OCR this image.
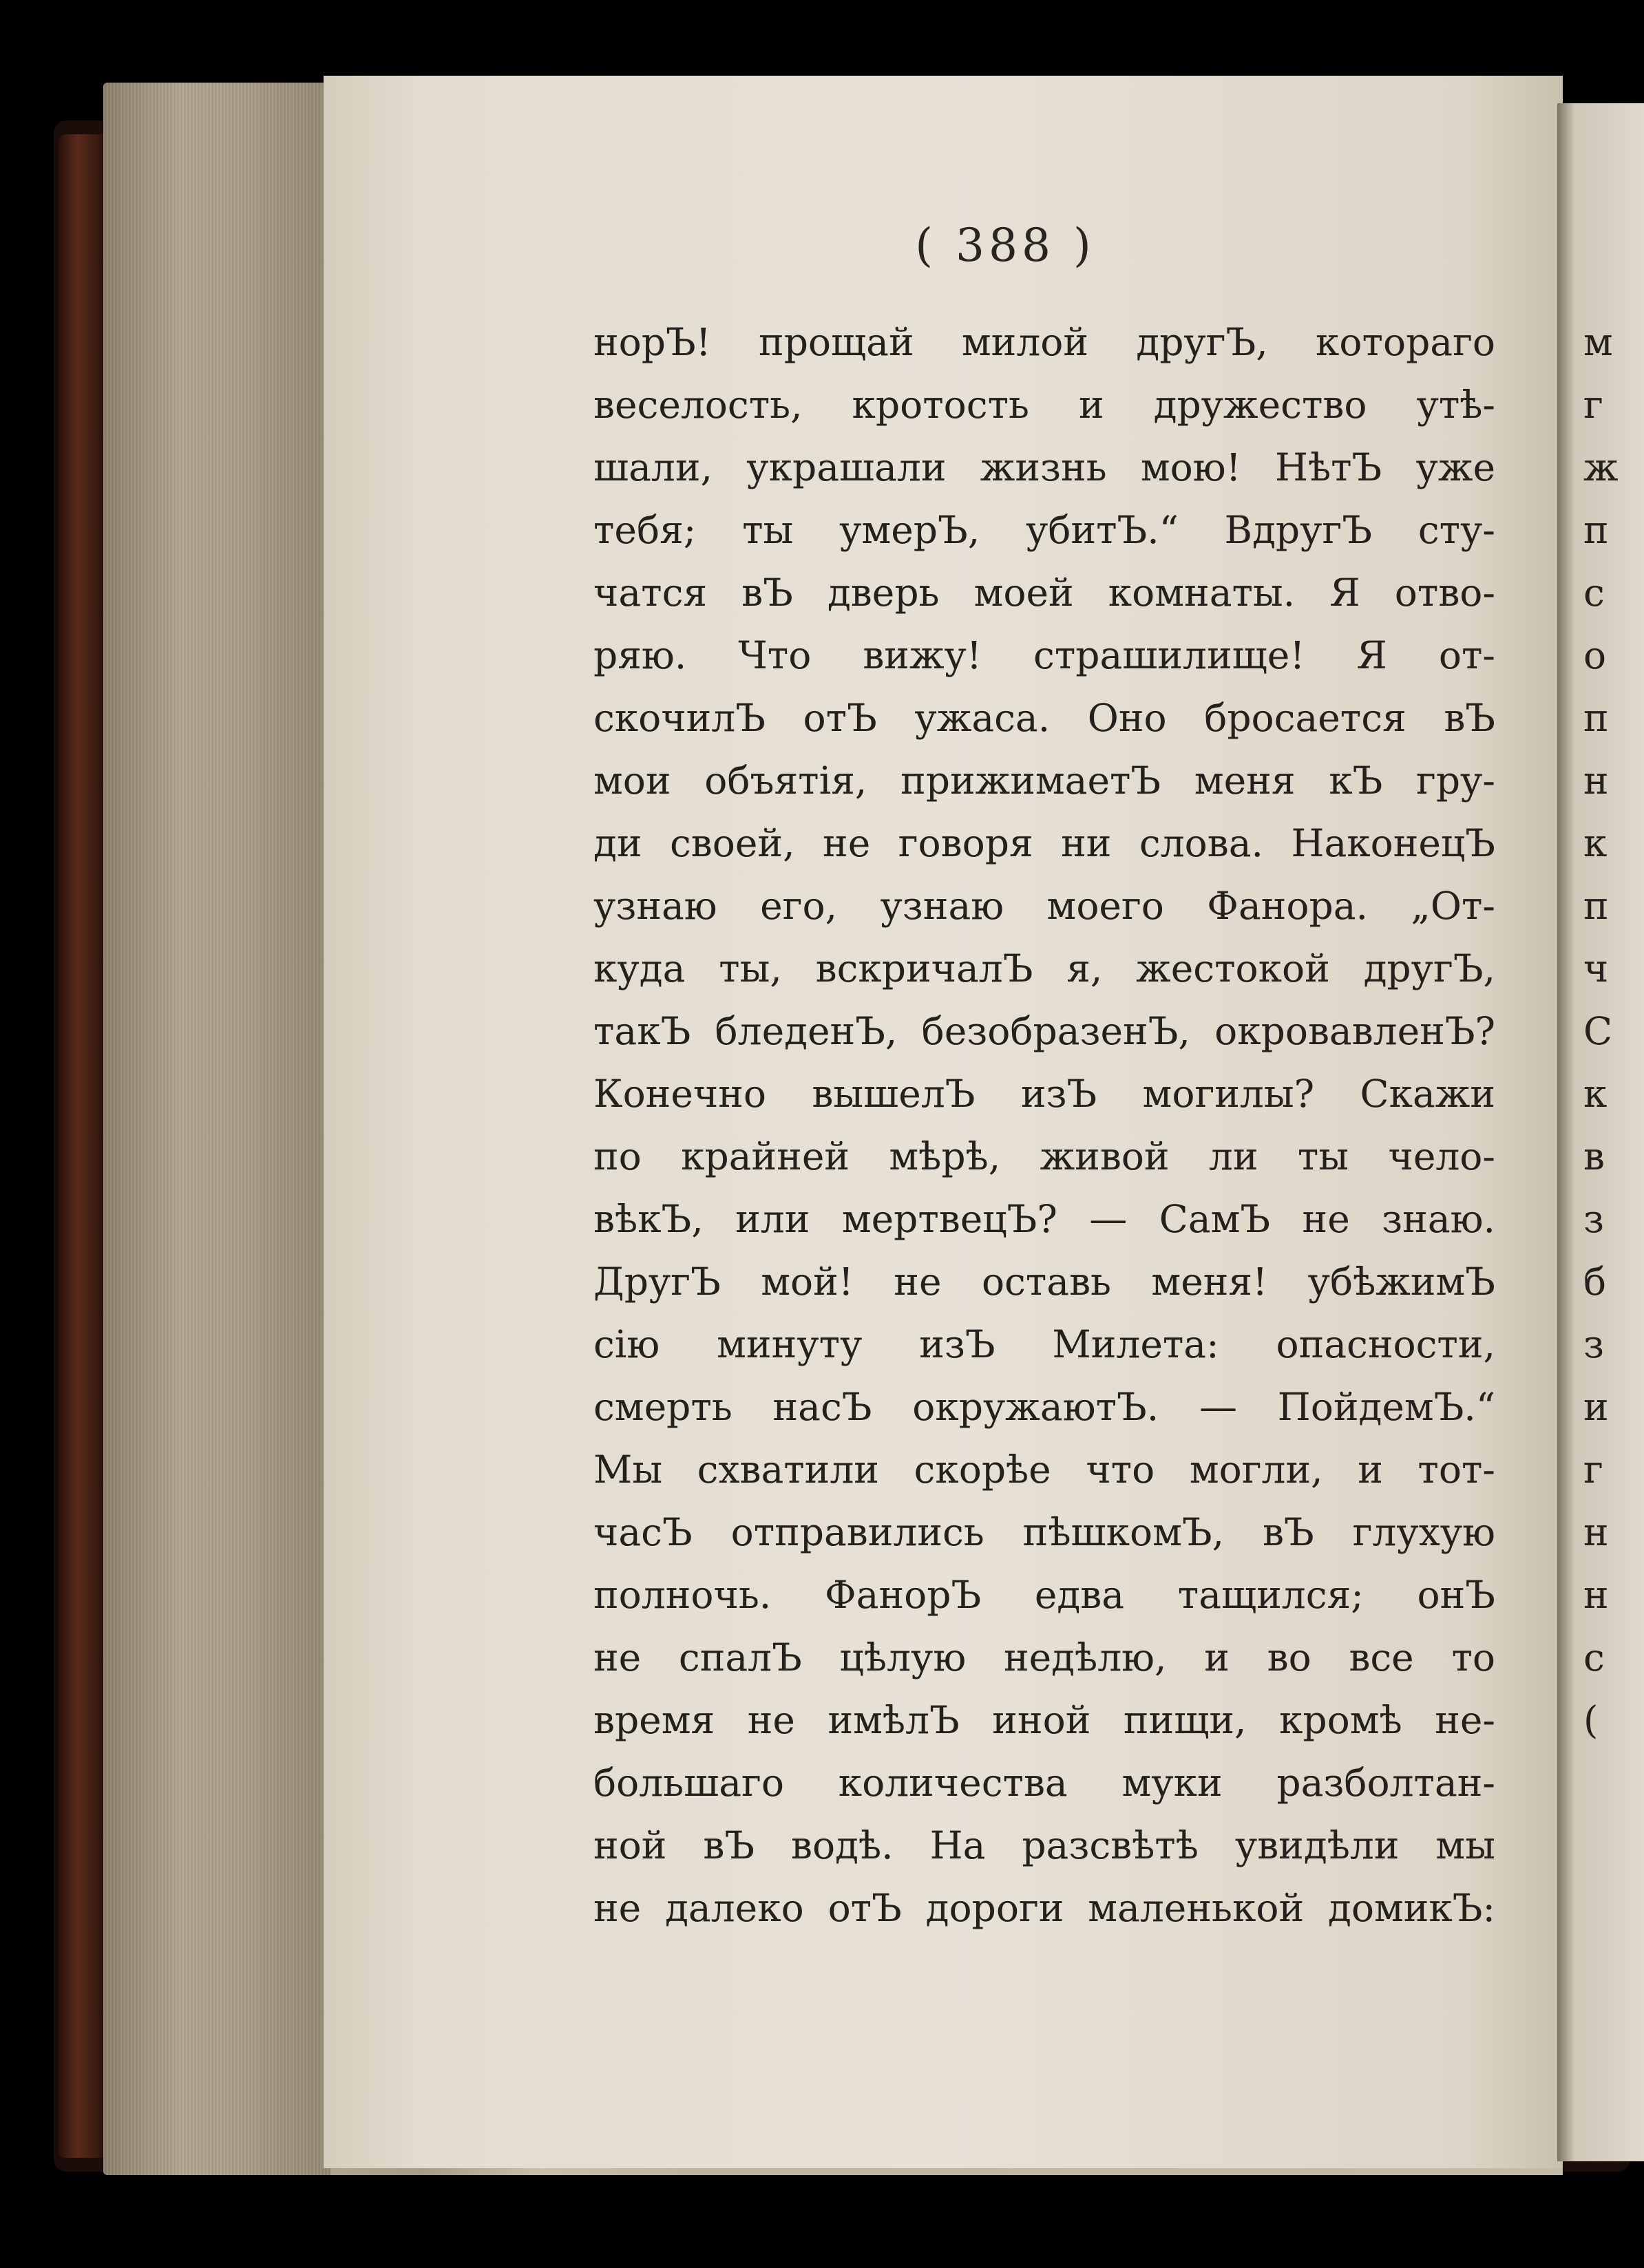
( 388 )
норЪ! прощай милой другЪ, котораго
веселость, кротость и дружество утѣ-
шали, украшали жизнь мою! НѣтЪ уже
тебя; ты умерЪ, убитЪ.“ ВдругЪ сту-
чатся вЪ дверь моей комнаты. Я отво-
ряю. Что вижу! страшилище! Я от-
скочилЪ отЪ ужаса. Оно бросается вЪ
мои объятія, прижимаетЪ меня кЪ гру-
ди своей, не говоря ни слова. НаконецЪ
узнаю его, узнаю моего Фанора. „От-
куда ты, вскричалЪ я, жестокой другЪ,
такЪ бледенЪ, безобразенЪ, окровавленЪ?
Конечно вышелЪ изЪ могилы? Скажи
по крайней мѣрѣ, живой ли ты чело-
вѣкЪ, или мертвецЪ? — СамЪ не знаю.
ДругЪ мой! не оставь меня! убѣжимЪ
сію минуту изЪ Милета: опасности,
смерть насЪ окружаютЪ. — ПойдемЪ.“
Мы схватили скорѣе что могли, и тот-
часЪ отправились пѣшкомЪ, вЪ глухую
полночь. ФанорЪ едва тащился; онЪ
не спалЪ цѣлую недѣлю, и во все то
время не имѣлЪ иной пищи, кромѣ не-
большаго количества муки разболтан-
ной вЪ водѣ. На разсвѣтѣ увидѣли мы
не далеко отЪ дороги маленькой домикЪ:
м
г
ж
п
с
о
п
н
к
п
ч
С
к
в
з
б
з
и
г
н
н
с
(
